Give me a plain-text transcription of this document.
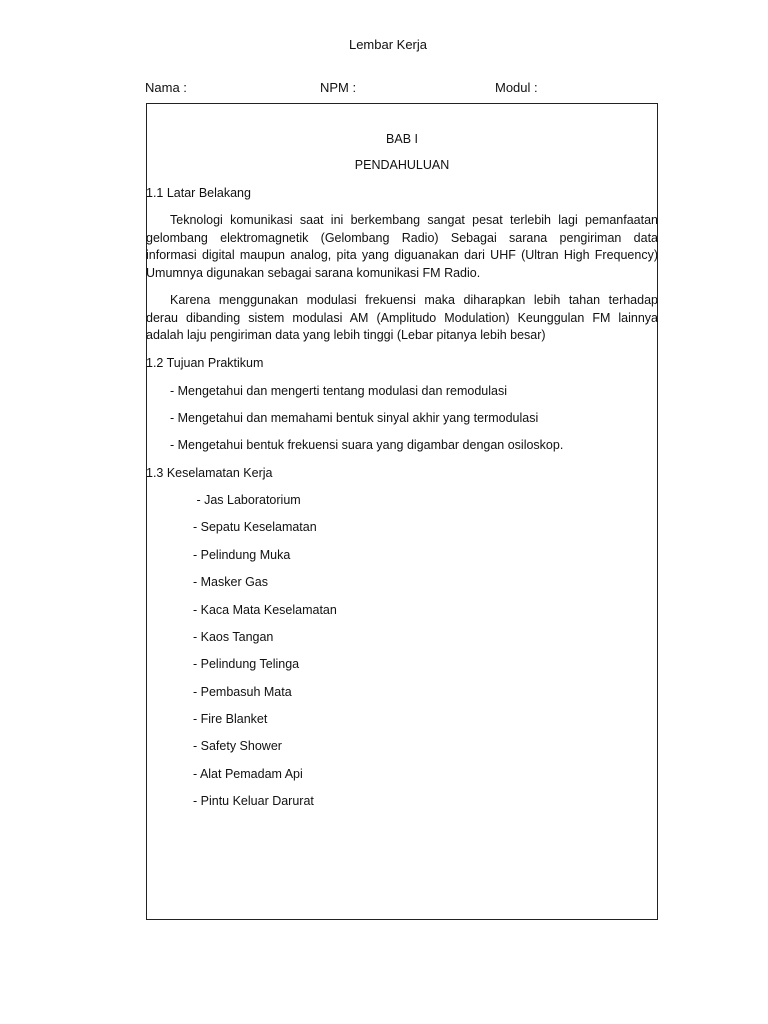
Lembar Kerja
Nama :	NPM :	Modul :
BAB I
PENDAHULUAN
1.1 Latar Belakang
Teknologi komunikasi saat ini berkembang sangat pesat terlebih lagi pemanfaatan
gelombang elektromagnetik (Gelombang Radio) Sebagai sarana pengiriman data
informasi digital maupun analog, pita yang diguanakan dari UHF (Ultran High Frequency)
Umumnya digunakan sebagai sarana komunikasi FM Radio.
Karena menggunakan modulasi frekuensi maka diharapkan lebih tahan terhadap
derau dibanding sistem modulasi AM (Amplitudo Modulation) Keunggulan FM lainnya
adalah laju pengiriman data yang lebih tinggi (Lebar pitanya lebih besar)
1.2 Tujuan Praktikum
- Mengetahui dan mengerti tentang modulasi dan remodulasi
- Mengetahui dan memahami bentuk sinyal akhir yang termodulasi
- Mengetahui bentuk frekuensi suara yang digambar dengan osiloskop.
1.3 Keselamatan Kerja
- Jas Laboratorium
- Sepatu Keselamatan
- Pelindung Muka
- Masker Gas
- Kaca Mata Keselamatan
- Kaos Tangan
- Pelindung Telinga
- Pembasuh Mata
- Fire Blanket
- Safety Shower
- Alat Pemadam Api
- Pintu Keluar Darurat
